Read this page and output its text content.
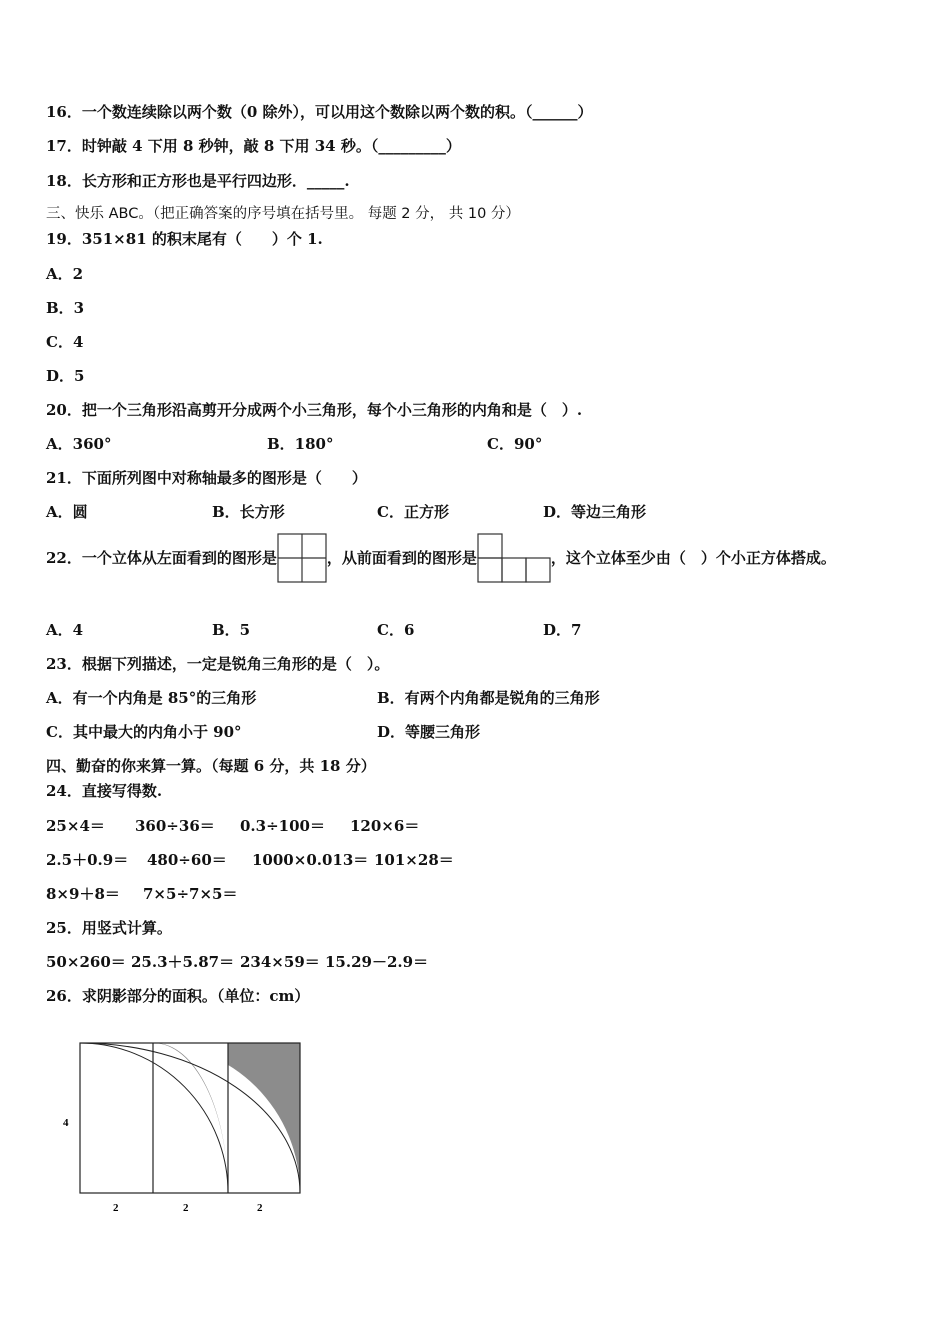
16．一个数连续除以两个数（0 除外），可以用这个数除以两个数的积。（______）
17．时钟敲 4 下用 8 秒钟，敲 8 下用 34 秒。（_________）
18．长方形和正方形也是平行四边形．_____.
三、快乐 ABC。（把正确答案的序号填在括号里。 每题 2 分， 共 10 分）
19．351×81 的积末尾有（　　）个 1.
A．2
B．3
C．4
D．5
20．把一个三角形沿高剪开分成两个小三角形，每个小三角形的内角和是（　）.
A．360°	B．180°	C．90°
21．下面所列图中对称轴最多的图形是（　　）
A．圆	B．长方形	C．正方形	D．等边三角形
22．一个立体从左面看到的图形是	，从前面看到的图形是	，这个立体至少由（　）个小正方体搭成。
A．4	B．5	C．6	D．7
23．根据下列描述，一定是锐角三角形的是（　）。
A．有一个内角是 85°的三角形	B．有两个内角都是锐角的三角形
C．其中最大的内角小于 90°	D．等腰三角形
四、勤奋的你来算一算。（每题 6 分，共 18 分）
24．直接写得数.
25×4＝ 360÷36＝ 0.3÷100＝ 120×6＝
2.5＋0.9＝ 480÷60＝ 1000×0.013＝ 101×28＝
8×9＋8＝ 7×5÷7×5＝
25．用竖式计算。
50×260＝ 25.3＋5.87＝ 234×59＝ 15.29－2.9＝
26．求阴影部分的面积。（单位：cm）
4
2	2	2
